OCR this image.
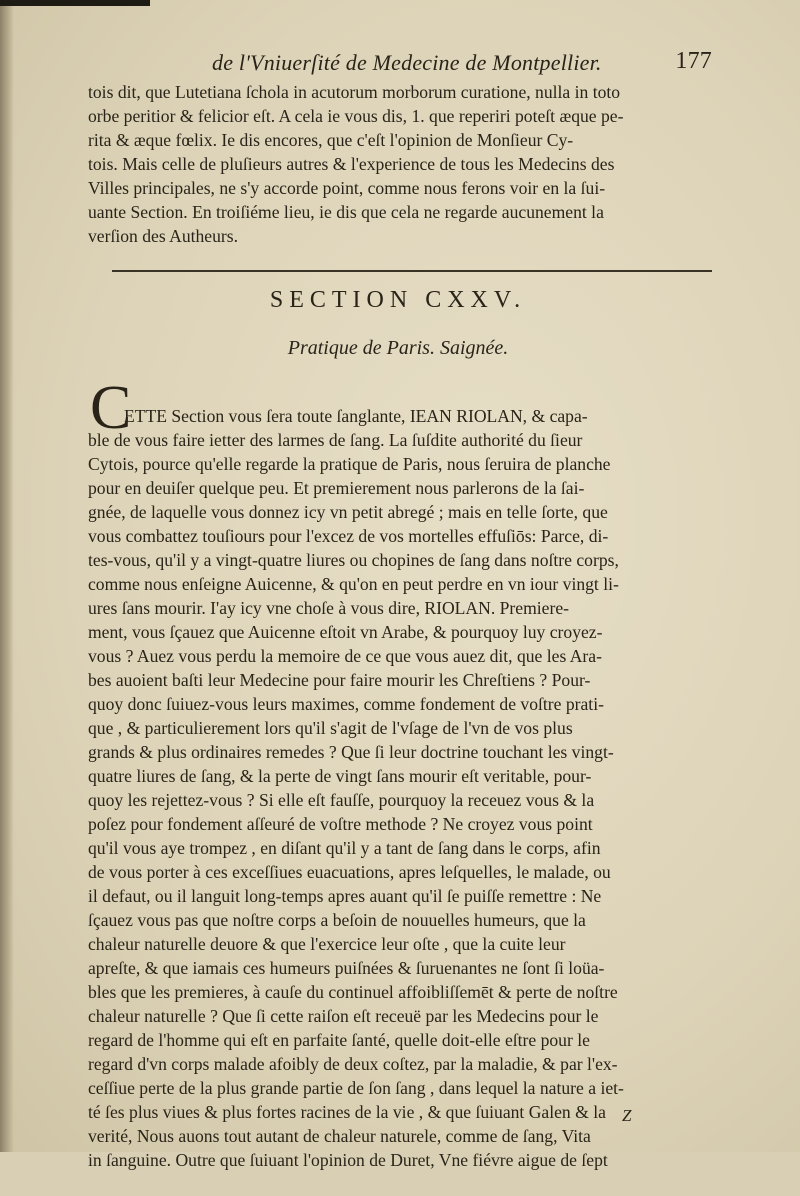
de l'Vniuerſité de Medecine de Montpellier.	177
tois dit, que Lutetiana ſchola in acutorum morborum curatione, nulla in toto
orbe peritior & felicior eſt. A cela ie vous dis, 1. que reperiri poteſt æque pe-
rita & æque fœlix. Ie dis encores, que c'eſt l'opinion de Monſieur Cy-
tois. Mais celle de pluſieurs autres & l'experience de tous les Medecins des
Villes principales, ne s'y accorde point, comme nous ferons voir en la ſui-
uante Section. En troiſiéme lieu, ie dis que cela ne regarde aucunement la
verſion des Autheurs.
SECTION CXXV.
Pratique de Paris. Saignée.
C

ETTE Section vous ſera toute ſanglante, IEAN RIOLAN, & capa-
ble de vous faire ietter des larmes de ſang. La ſuſdite authorité du ſieur
Cytois, pource qu'elle regarde la pratique de Paris, nous ſeruira de planche
pour en deuiſer quelque peu. Et premierement nous parlerons de la ſai-
gnée, de laquelle vous donnez icy vn petit abregé ; mais en telle ſorte, que
vous combattez touſiours pour l'excez de vos mortelles effuſiōs: Parce, di-
tes-vous, qu'il y a vingt-quatre liures ou chopines de ſang dans noſtre corps,
comme nous enſeigne Auicenne, & qu'on en peut perdre en vn iour vingt li-
ures ſans mourir. I'ay icy vne choſe à vous dire, RIOLAN. Premiere-
ment, vous ſçauez que Auicenne eſtoit vn Arabe, & pourquoy luy croyez-
vous ? Auez vous perdu la memoire de ce que vous auez dit, que les Ara-
bes auoient baſti leur Medecine pour faire mourir les Chreſtiens ? Pour-
quoy donc ſuiuez-vous leurs maximes, comme fondement de voſtre prati-
que , & particulierement lors qu'il s'agit de l'vſage de l'vn de vos plus
grands & plus ordinaires remedes ? Que ſi leur doctrine touchant les vingt-
quatre liures de ſang, & la perte de vingt ſans mourir eſt veritable, pour-
quoy les rejettez-vous ? Si elle eſt fauſſe, pourquoy la receuez vous & la
poſez pour fondement aſſeuré de voſtre methode ? Ne croyez vous point
qu'il vous aye trompez , en diſant qu'il y a tant de ſang dans le corps, afin
de vous porter à ces exceſſiues euacuations, apres leſquelles, le malade, ou
il defaut, ou il languit long-temps apres auant qu'il ſe puiſſe remettre : Ne
ſçauez vous pas que noſtre corps a beſoin de nouuelles humeurs, que la
chaleur naturelle deuore & que l'exercice leur oſte , que la cuite leur
apreſte, & que iamais ces humeurs puiſnées & ſuruenantes ne ſont ſi loüa-
bles que les premieres, à cauſe du continuel affoibliſſemēt & perte de noſtre
chaleur naturelle ? Que ſi cette raiſon eſt receuë par les Medecins pour le
regard de l'homme qui eſt en parfaite ſanté, quelle doit-elle eſtre pour le
regard d'vn corps malade afoibly de deux coſtez, par la maladie, & par l'ex-
ceſſiue perte de la plus grande partie de ſon ſang , dans lequel la nature a iet-
té ſes plus viues & plus fortes racines de la vie , & que ſuiuant Galen & la
verité, Nous auons tout autant de chaleur naturele, comme de ſang, Vita
in ſanguine. Outre que ſuiuant l'opinion de Duret, Vne fiévre aigue de ſept

Z
